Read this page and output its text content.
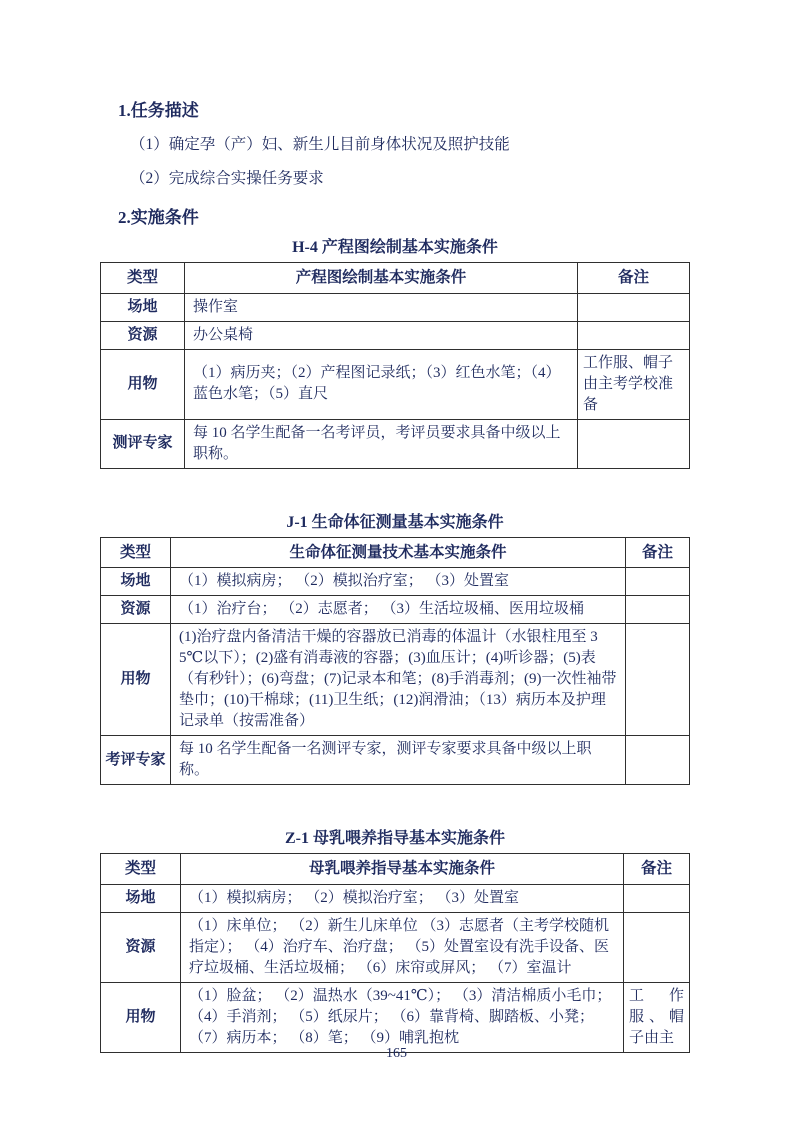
1.任务描述
（1）确定孕（产）妇、新生儿目前身体状况及照护技能
（2）完成综合实操任务要求
2.实施条件
H-4 产程图绘制基本实施条件
类型	产程图绘制基本实施条件	备注
场地	操作室	
资源	办公桌椅	
用物	（1）病历夹；（2）产程图记录纸；（3）红色水笔；（4）蓝色水笔；（5）直尺	工作服、帽子由主考学校准备
测评专家	每 10 名学生配备一名考评员，考评员要求具备中级以上职称。	
J-1 生命体征测量基本实施条件
类型	生命体征测量技术基本实施条件	备注
场地	（1）模拟病房； （2）模拟治疗室； （3）处置室	
资源	（1）治疗台； （2）志愿者； （3）生活垃圾桶、医用垃圾桶	
用物	(1)治疗盘内备清洁干燥的容器放已消毒的体温计（水银柱甩至 35℃以下）；(2)盛有消毒液的容器；(3)血压计；(4)听诊器；(5)表（有秒针）；(6)弯盘；(7)记录本和笔；(8)手消毒剂；(9)一次性袖带垫巾；(10)干棉球；(11)卫生纸；(12)润滑油；（13）病历本及护理记录单（按需准备）	
考评专家	每 10 名学生配备一名测评专家，测评专家要求具备中级以上职称。	
Z-1 母乳喂养指导基本实施条件
类型	母乳喂养指导基本实施条件	备注
场地	（1）模拟病房； （2）模拟治疗室； （3）处置室	
资源	（1）床单位； （2）新生儿床单位 （3）志愿者（主考学校随机指定）； （4）治疗车、治疗盘； （5）处置室设有洗手设备、医疗垃圾桶、生活垃圾桶； （6）床帘或屏风； （7）室温计	
用物	（1）脸盆； （2）温热水（39~41℃）； （3）清洁棉质小毛巾； （4）手消剂； （5）纸尿片； （6）靠背椅、脚踏板、小凳； （7）病历本； （8）笔； （9）哺乳抱枕	工作服、帽子由主
165
